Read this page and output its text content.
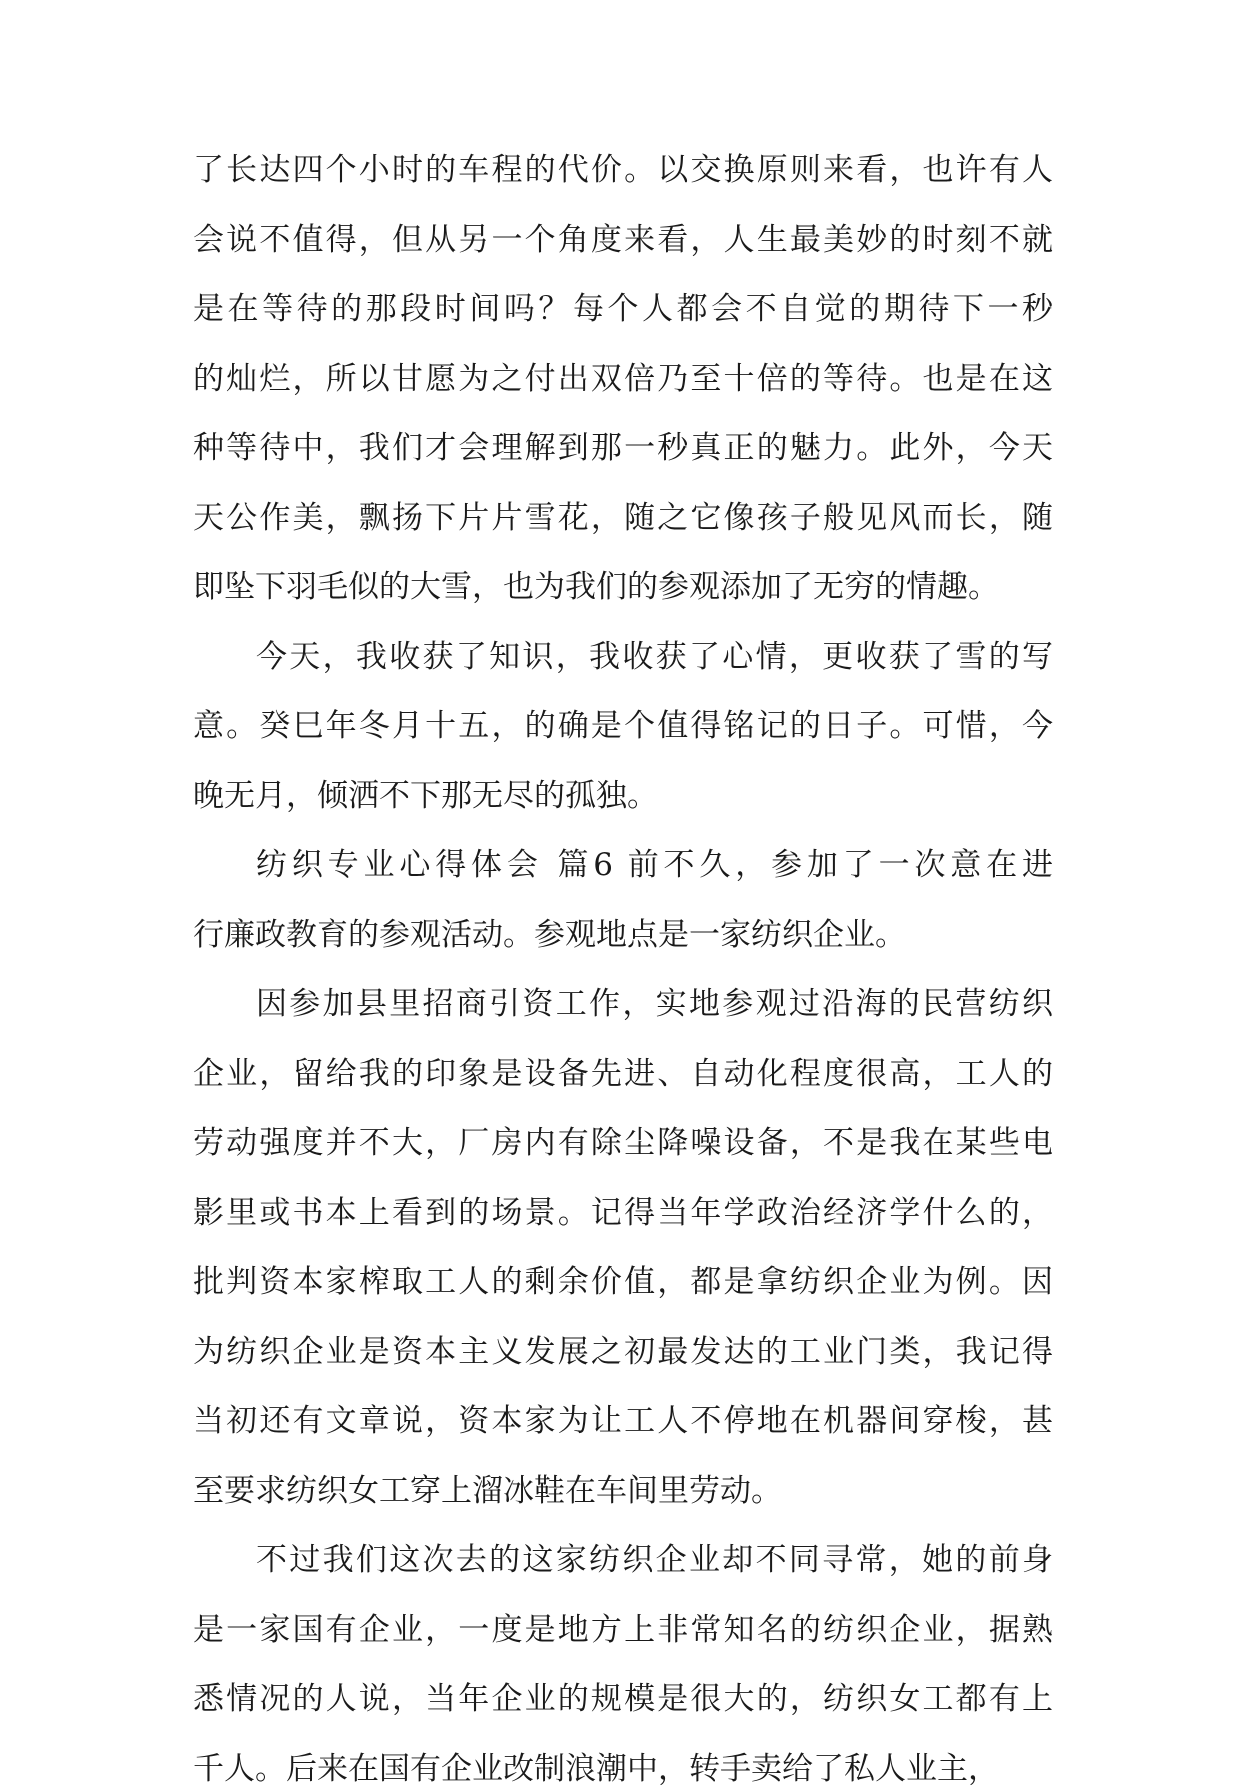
了长达四个小时的车程的代价。以交换原则来看，也许有人
会说不值得，但从另一个角度来看，人生最美妙的时刻不就
是在等待的那段时间吗？每个人都会不自觉的期待下一秒
的灿烂，所以甘愿为之付出双倍乃至十倍的等待。也是在这
种等待中，我们才会理解到那一秒真正的魅力。此外，今天
天公作美，飘扬下片片雪花，随之它像孩子般见风而长，随
即坠下羽毛似的大雪，也为我们的参观添加了无穷的情趣。
今天，我收获了知识，我收获了心情，更收获了雪的写
意。癸巳年冬月十五，的确是个值得铭记的日子。可惜，今
晚无月，倾洒不下那无尽的孤独。
纺织专业心得体会 篇6 前不久，参加了一次意在进
行廉政教育的参观活动。参观地点是一家纺织企业。
因参加县里招商引资工作，实地参观过沿海的民营纺织
企业，留给我的印象是设备先进、自动化程度很高，工人的
劳动强度并不大，厂房内有除尘降噪设备，不是我在某些电
影里或书本上看到的场景。记得当年学政治经济学什么的，
批判资本家榨取工人的剩余价值，都是拿纺织企业为例。因
为纺织企业是资本主义发展之初最发达的工业门类，我记得
当初还有文章说，资本家为让工人不停地在机器间穿梭，甚
至要求纺织女工穿上溜冰鞋在车间里劳动。
不过我们这次去的这家纺织企业却不同寻常，她的前身
是一家国有企业，一度是地方上非常知名的纺织企业，据熟
悉情况的人说，当年企业的规模是很大的，纺织女工都有上
千人。后来在国有企业改制浪潮中，转手卖给了私人业主，
